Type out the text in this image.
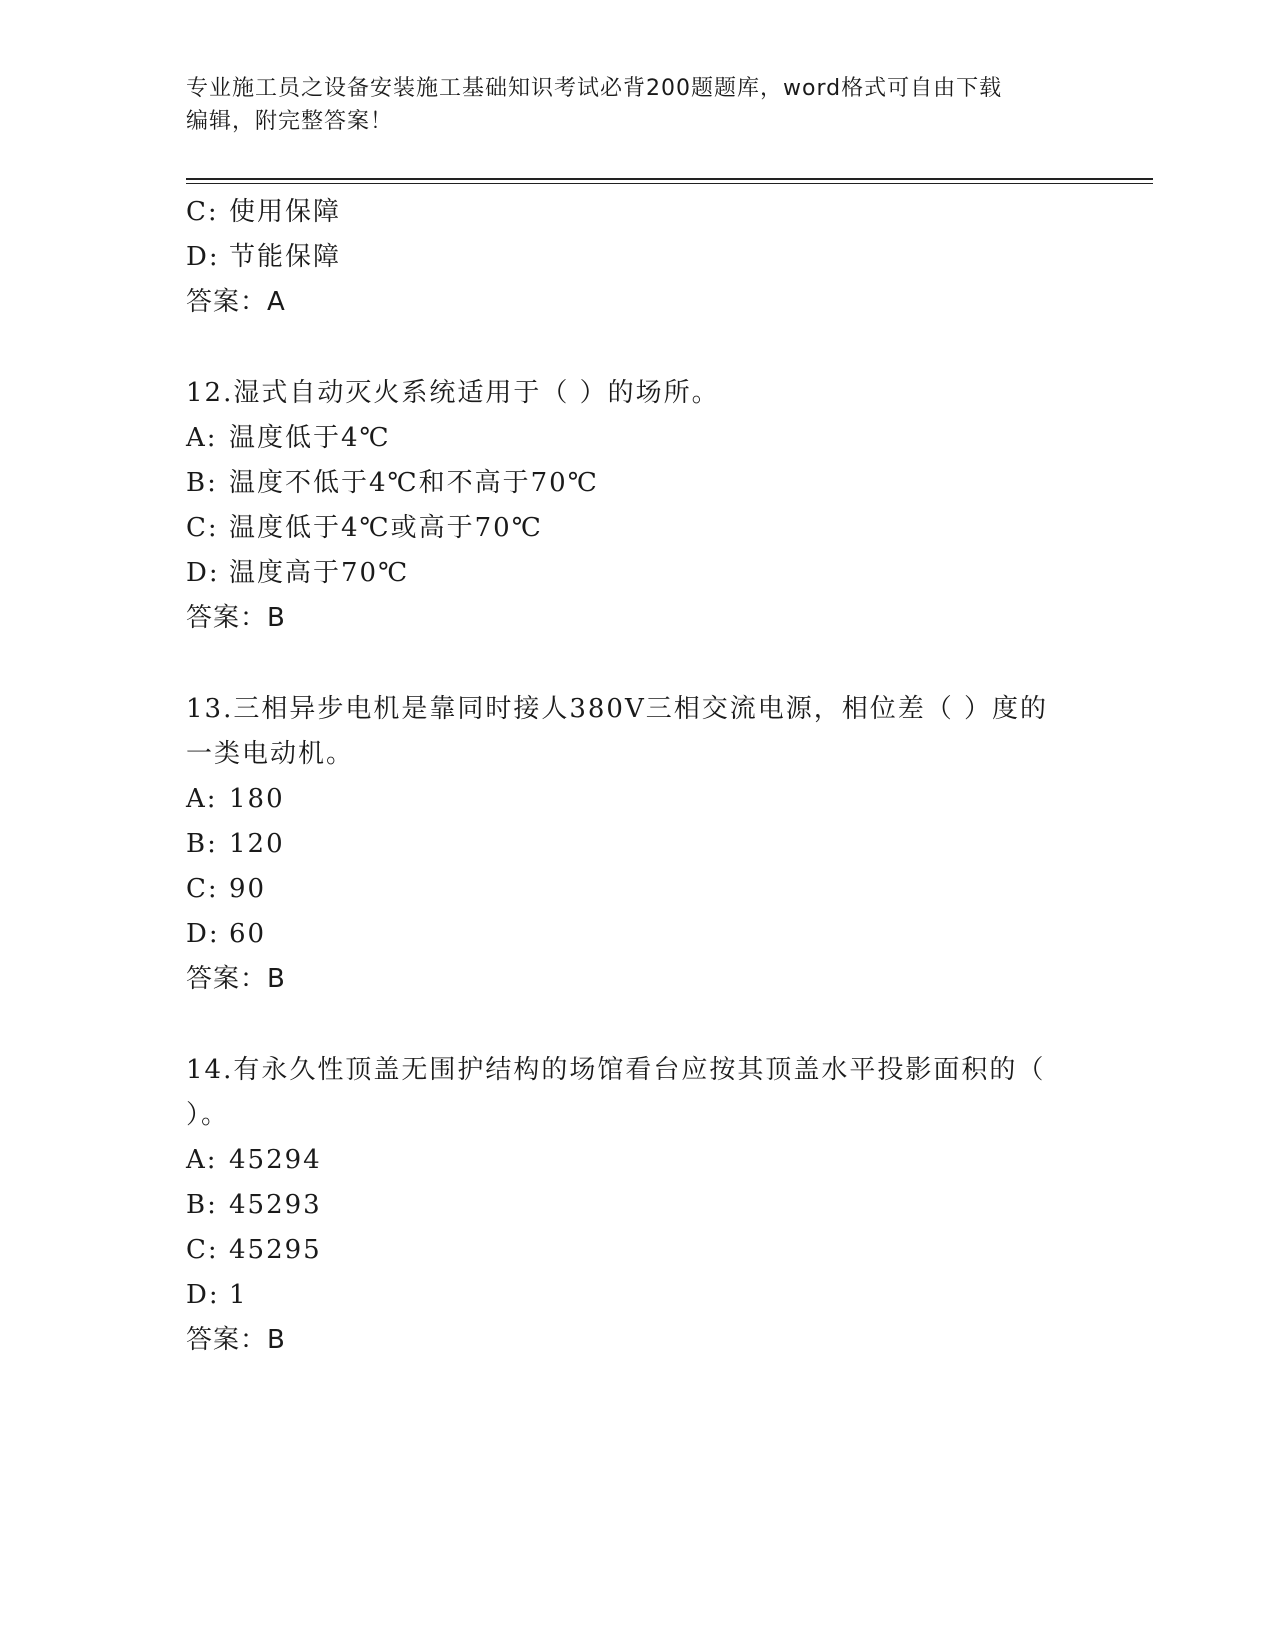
专业施工员之设备安装施工基础知识考试必背200题题库，word格式可自由下载
编辑，附完整答案！
C: 使用保障
D: 节能保障
答案：A
12.湿式自动灭火系统适用于（ ）的场所。
A: 温度低于4℃
B: 温度不低于4℃和不高于70℃
C: 温度低于4℃或高于70℃
D: 温度高于70℃
答案：B
13.三相异步电机是靠同时接人380V三相交流电源，相位差（ ）度的一类电动机。
A: 180
B: 120
C: 90
D: 60
答案：B
14.有永久性顶盖无围护结构的场馆看台应按其顶盖水平投影面积的（ ）。
A: 45294
B: 45293
C: 45295
D: 1
答案：B
